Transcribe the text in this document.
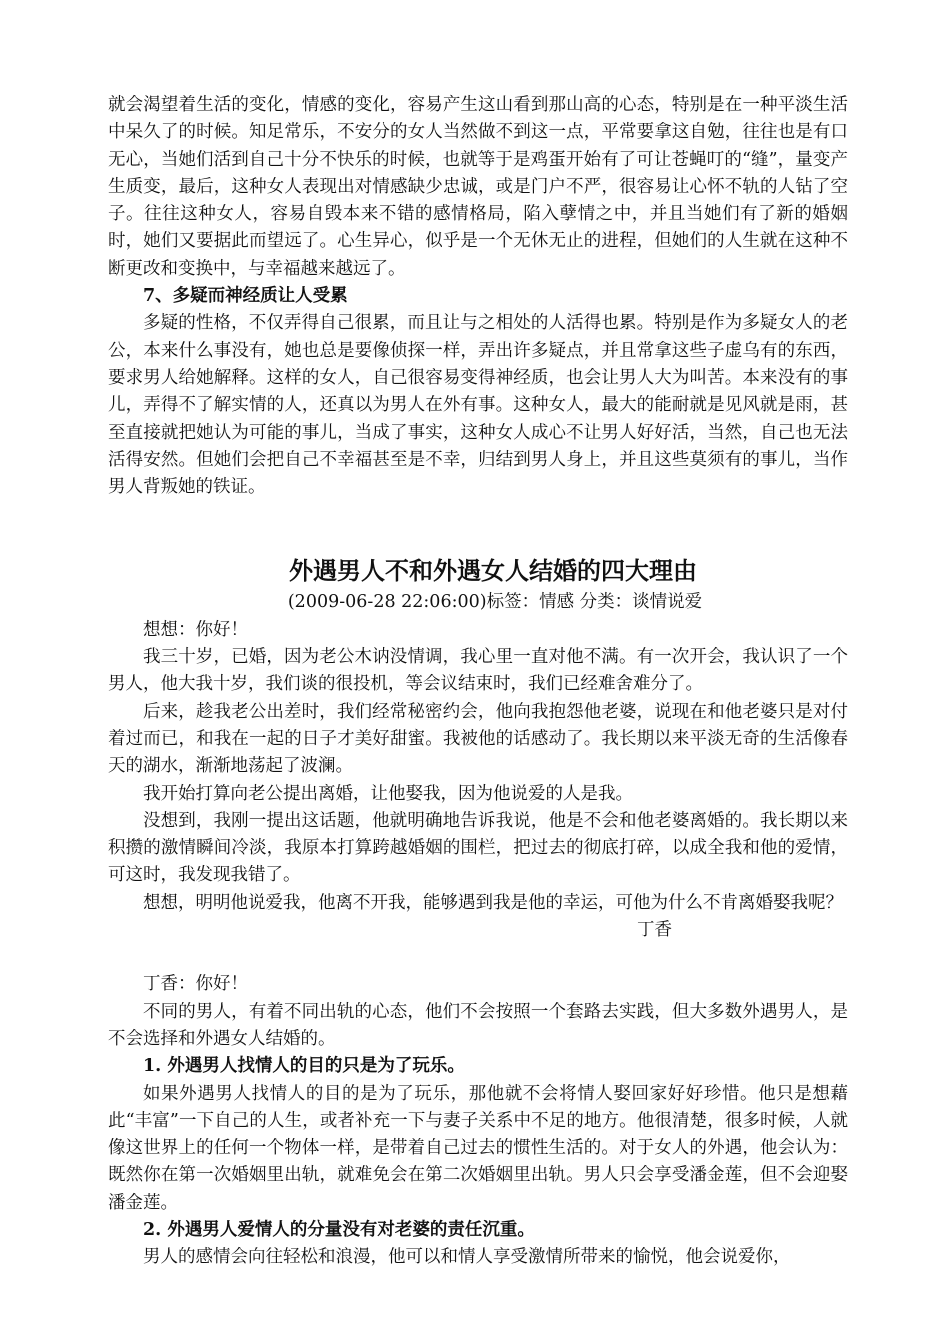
就会渴望着生活的变化，情感的变化，容易产生这山看到那山高的心态，特别是在一种平淡生活中呆久了的时候。知足常乐，不安分的女人当然做不到这一点，平常要拿这自勉，往往也是有口无心，当她们活到自己十分不快乐的时候，也就等于是鸡蛋开始有了可让苍蝇叮的“缝”，量变产生质变，最后，这种女人表现出对情感缺少忠诚，或是门户不严，很容易让心怀不轨的人钻了空子。往往这种女人，容易自毁本来不错的感情格局，陷入孽情之中，并且当她们有了新的婚姻时，她们又要据此而望远了。心生异心，似乎是一个无休无止的进程，但她们的人生就在这种不断更改和变换中，与幸福越来越远了。

7、多疑而神经质让人受累

多疑的性格，不仅弄得自己很累，而且让与之相处的人活得也累。特别是作为多疑女人的老公，本来什么事没有，她也总是要像侦探一样，弄出许多疑点，并且常拿这些子虚乌有的东西，要求男人给她解释。这样的女人，自己很容易变得神经质，也会让男人大为叫苦。本来没有的事儿，弄得不了解实情的人，还真以为男人在外有事。这种女人，最大的能耐就是见风就是雨，甚至直接就把她认为可能的事儿，当成了事实，这种女人成心不让男人好好活，当然，自己也无法活得安然。但她们会把自己不幸福甚至是不幸，归结到男人身上，并且这些莫须有的事儿，当作男人背叛她的铁证。

外遇男人不和外遇女人结婚的四大理由
(2009-06-28 22:06:00)标签：情感 分类：谈情说爱

想想：你好！

我三十岁，已婚，因为老公木讷没情调，我心里一直对他不满。有一次开会，我认识了一个男人，他大我十岁，我们谈的很投机，等会议结束时，我们已经难舍难分了。

后来，趁我老公出差时，我们经常秘密约会，他向我抱怨他老婆，说现在和他老婆只是对付着过而已，和我在一起的日子才美好甜蜜。我被他的话感动了。我长期以来平淡无奇的生活像春天的湖水，渐渐地荡起了波澜。

我开始打算向老公提出离婚，让他娶我，因为他说爱的人是我。

没想到，我刚一提出这话题，他就明确地告诉我说，他是不会和他老婆离婚的。我长期以来积攒的激情瞬间冷淡，我原本打算跨越婚姻的围栏，把过去的彻底打碎，以成全我和他的爱情，可这时，我发现我错了。

想想，明明他说爱我，他离不开我，能够遇到我是他的幸运，可他为什么不肯离婚娶我呢？

丁香

丁香：你好！

不同的男人，有着不同出轨的心态，他们不会按照一个套路去实践，但大多数外遇男人，是不会选择和外遇女人结婚的。

1. 外遇男人找情人的目的只是为了玩乐。

如果外遇男人找情人的目的是为了玩乐，那他就不会将情人娶回家好好珍惜。他只是想藉此“丰富”一下自己的人生，或者补充一下与妻子关系中不足的地方。他很清楚，很多时候，人就像这世界上的任何一个物体一样，是带着自己过去的惯性生活的。对于女人的外遇，他会认为：既然你在第一次婚姻里出轨，就难免会在第二次婚姻里出轨。男人只会享受潘金莲，但不会迎娶潘金莲。

2. 外遇男人爱情人的分量没有对老婆的责任沉重。

男人的感情会向往轻松和浪漫，他可以和情人享受激情所带来的愉悦，他会说爱你，
